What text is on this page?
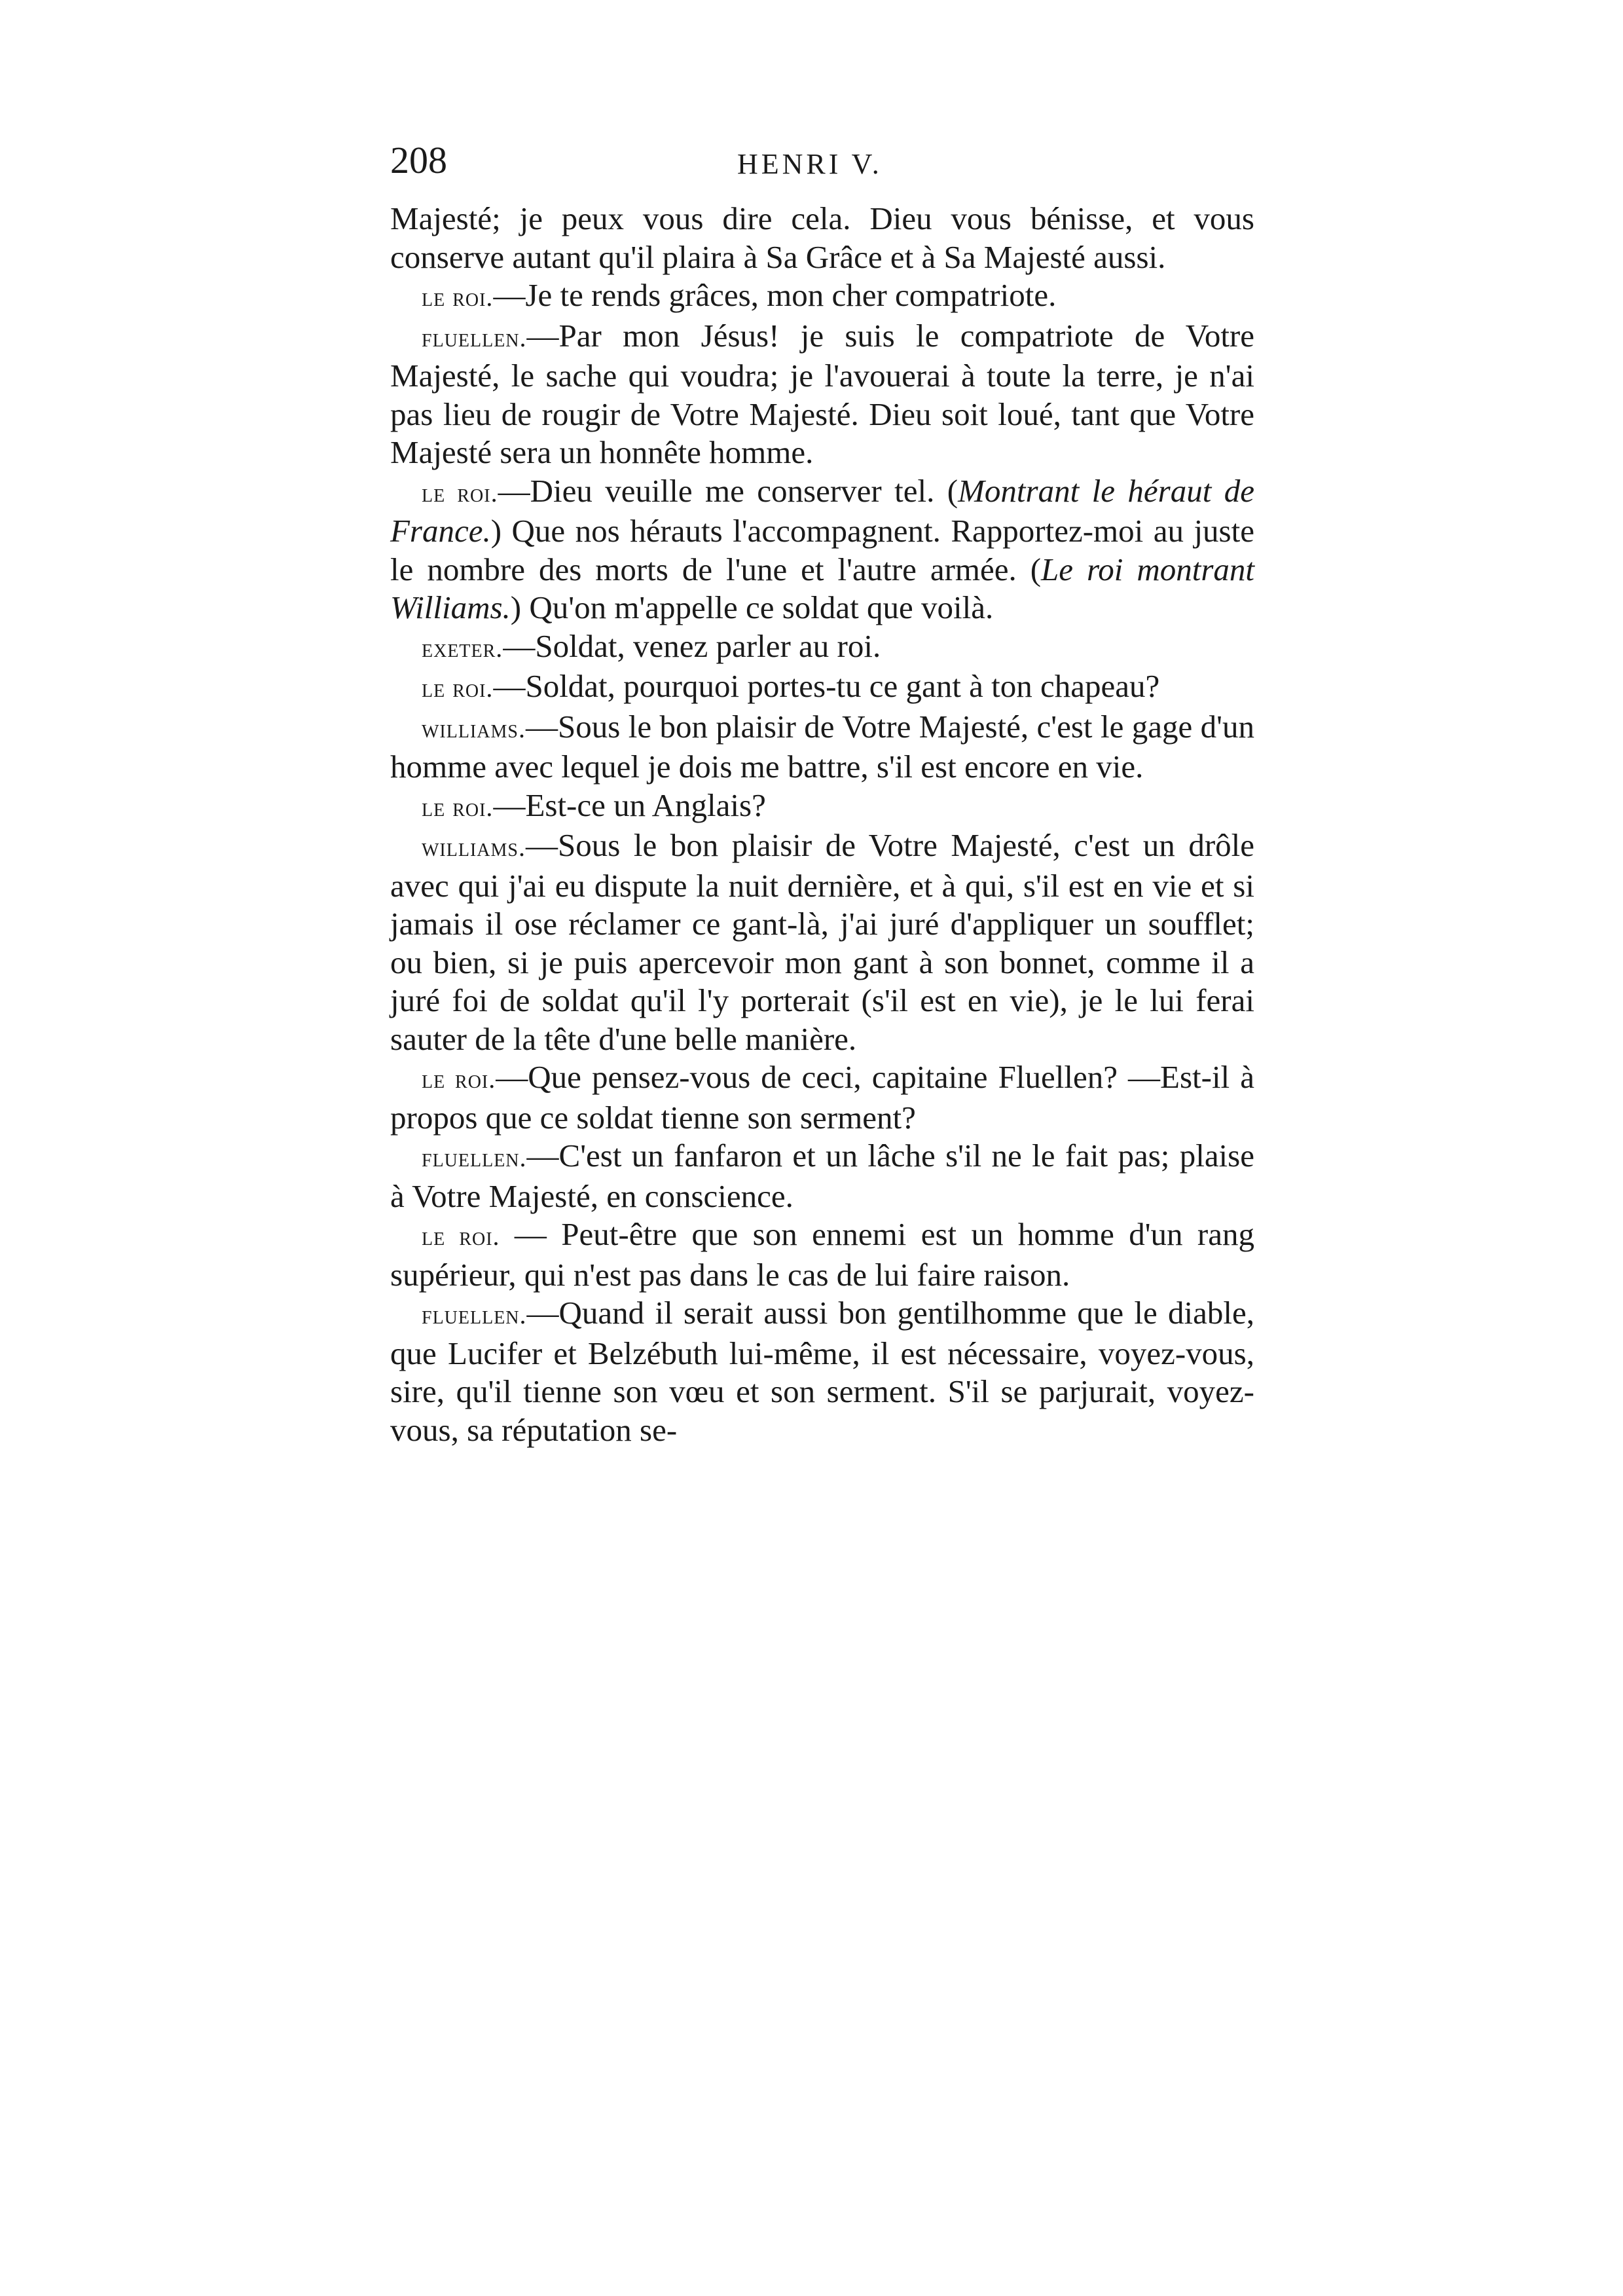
208	HENRI V.

Majesté; je peux vous dire cela. Dieu vous bénisse, et vous conserve autant qu'il plaira à Sa Grâce et à Sa Majesté aussi.

le roi.—Je te rends grâces, mon cher compatriote.

fluellen.—Par mon Jésus! je suis le compatriote de Votre Majesté, le sache qui voudra; je l'avouerai à toute la terre, je n'ai pas lieu de rougir de Votre Majesté. Dieu soit loué, tant que Votre Majesté sera un honnête homme.

le roi.—Dieu veuille me conserver tel. (Montrant le héraut de France.) Que nos hérauts l'accompagnent. Rapportez-moi au juste le nombre des morts de l'une et l'autre armée. (Le roi montrant Williams.) Qu'on m'appelle ce soldat que voilà.

exeter.—Soldat, venez parler au roi.

le roi.—Soldat, pourquoi portes-tu ce gant à ton chapeau?

williams.—Sous le bon plaisir de Votre Majesté, c'est le gage d'un homme avec lequel je dois me battre, s'il est encore en vie.

le roi.—Est-ce un Anglais?

williams.—Sous le bon plaisir de Votre Majesté, c'est un drôle avec qui j'ai eu dispute la nuit dernière, et à qui, s'il est en vie et si jamais il ose réclamer ce gant-là, j'ai juré d'appliquer un soufflet; ou bien, si je puis apercevoir mon gant à son bonnet, comme il a juré foi de soldat qu'il l'y porterait (s'il est en vie), je le lui ferai sauter de la tête d'une belle manière.

le roi.—Que pensez-vous de ceci, capitaine Fluellen? —Est-il à propos que ce soldat tienne son serment?

fluellen.—C'est un fanfaron et un lâche s'il ne le fait pas; plaise à Votre Majesté, en conscience.

le roi. — Peut-être que son ennemi est un homme d'un rang supérieur, qui n'est pas dans le cas de lui faire raison.

fluellen.—Quand il serait aussi bon gentilhomme que le diable, que Lucifer et Belzébuth lui-même, il est nécessaire, voyez-vous, sire, qu'il tienne son vœu et son serment. S'il se parjurait, voyez-vous, sa réputation se-
